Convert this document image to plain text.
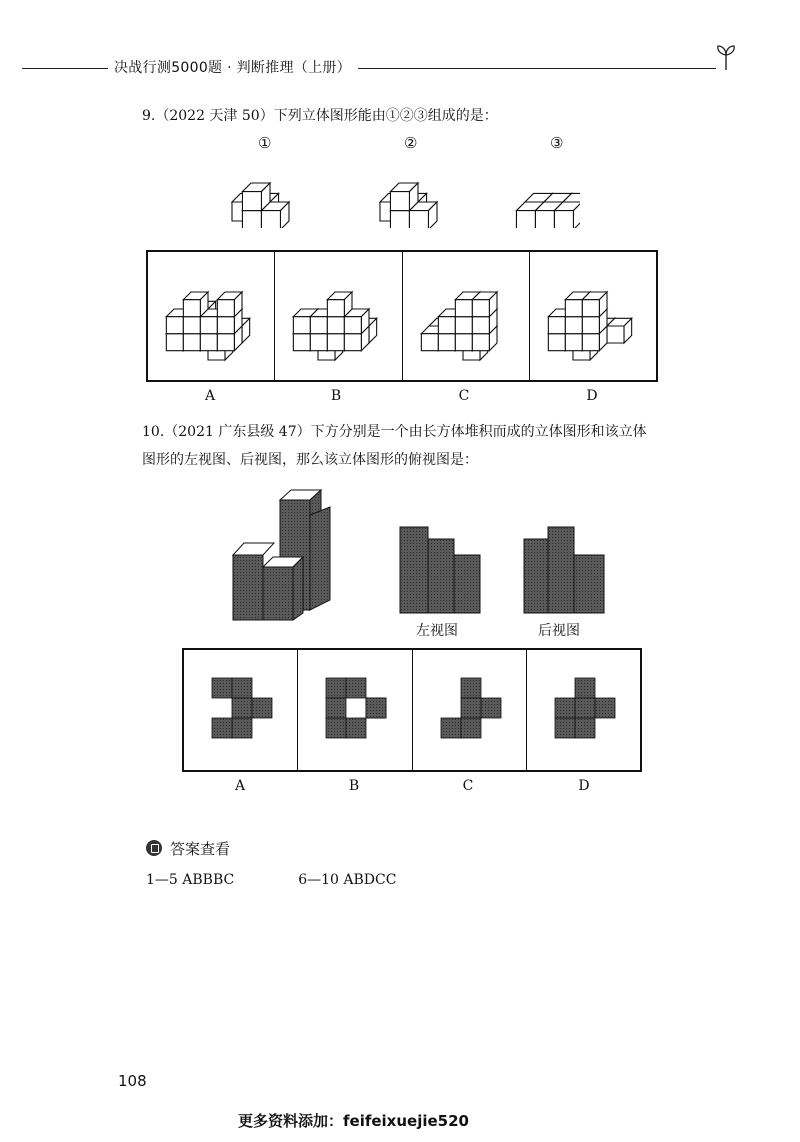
决战行测5000题 · 判断推理（上册）
9.（2022 天津 50）下列立体图形能由①②③组成的是：
①	②	③
A	B	C	D
10.（2021 广东县级 47）下方分别是一个由长方体堆积而成的立体图形和该立体
图形的左视图、后视图，那么该立体图形的俯视图是：
左视图	后视图
A	B	C	D
答案查看
1—5 ABBBC	6—10 ABDCC
108
更多资料添加：feifeixuejie520
